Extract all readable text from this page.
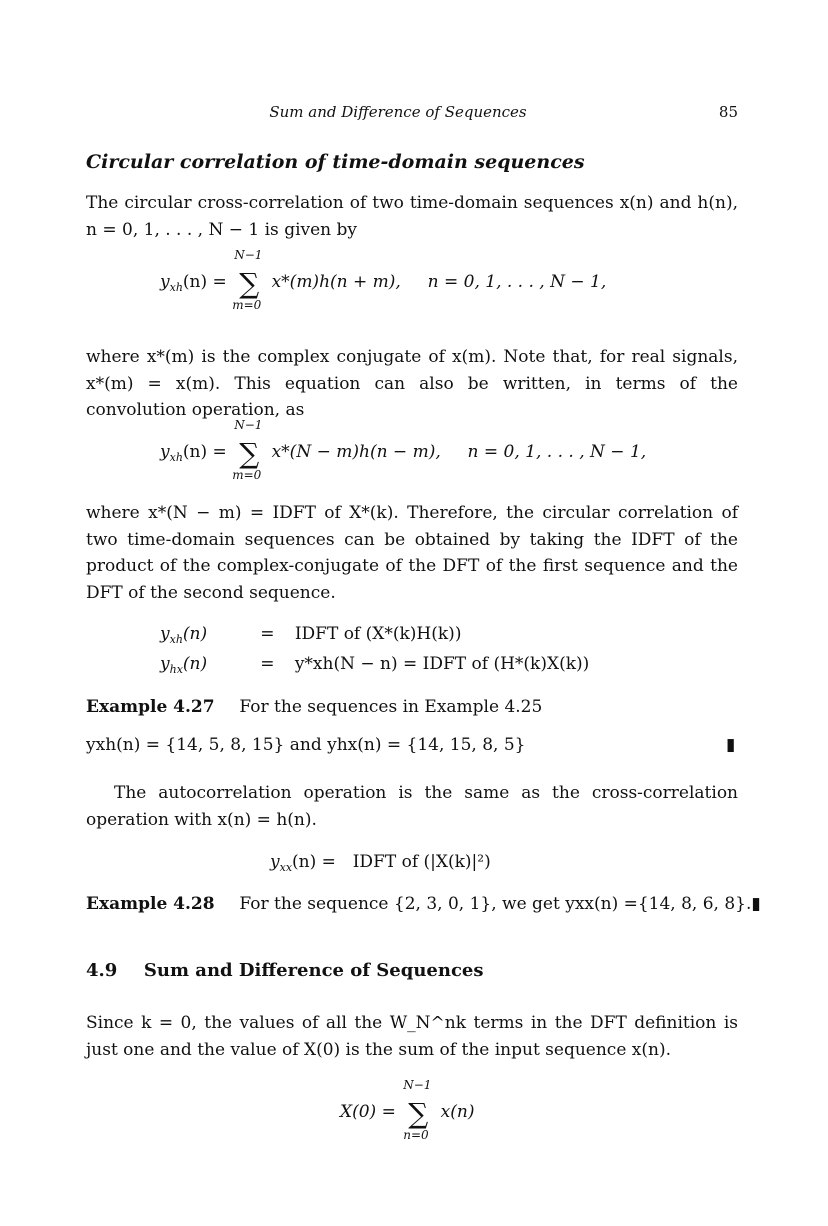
Sum and Difference of Sequences	85
Circular correlation of time-domain sequences
The circular cross-correlation of two time-domain sequences x(n) and h(n), n = 0, 1, . . . , N − 1 is given by
$y_{xh}(n)$ =
N−1
∑
m=0
x*(m)h(n + m), n = 0, 1, . . . , N − 1,
where x*(m) is the complex conjugate of x(m). Note that, for real signals, x*(m) = x(m). This equation can also be written, in terms of the convolution operation, as
$y_{xh}(n)$ =
N−1
∑
m=0
x*(N − m)h(n − m), n = 0, 1, . . . , N − 1,
where x*(N − m) = IDFT of X*(k). Therefore, the circular correlation of two time-domain sequences can be obtained by taking the IDFT of the product of the complex-conjugate of the DFT of the first sequence and the DFT of the second sequence.
$y_{xh}(n)$	= IDFT of (X*(k)H(k))
$y_{hx}(n)$	= y*xh(N − n) = IDFT of (H*(k)X(k))
Example 4.27 For the sequences in Example 4.25
yxh(n) = {14, 5, 8, 15} and yhx(n) = {14, 15, 8, 5}	▮
The autocorrelation operation is the same as the cross-correlation operation with x(n) = h(n).
$y_{xx}(n)$ = IDFT of (|X(k)|²)
Example 4.28 For the sequence {2, 3, 0, 1}, we get yxx(n) ={14, 8, 6, 8}.▮
4.9 Sum and Difference of Sequences
Since k = 0, the values of all the W_N^nk terms in the DFT definition is just one and the value of X(0) is the sum of the input sequence x(n).
X(0) =
N−1
∑
n=0
x(n)
